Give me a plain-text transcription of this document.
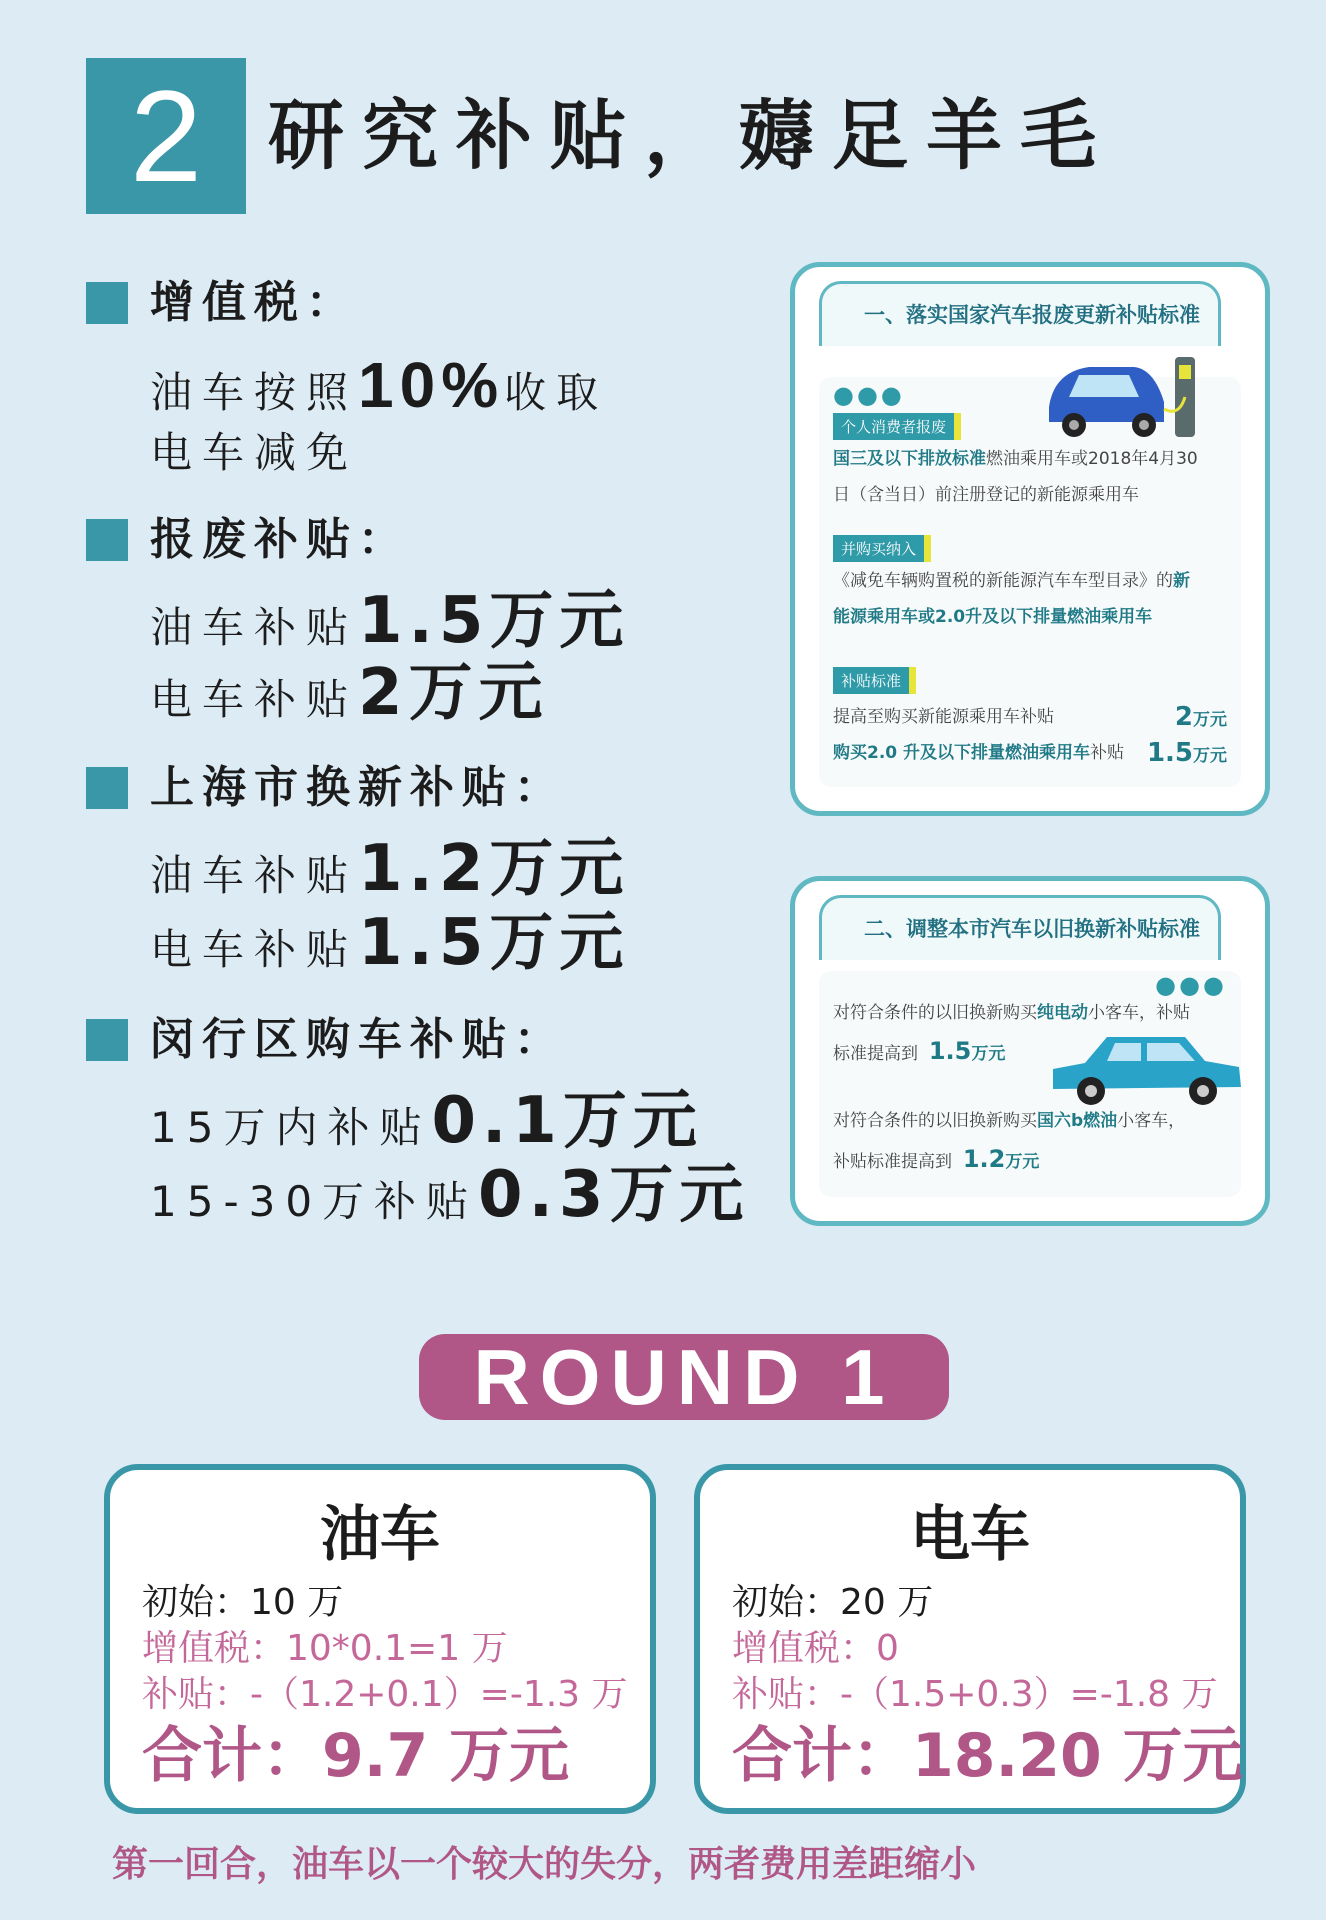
2 研究补贴，薅足羊毛
增值税：
油车按照10%收取
电车减免
报废补贴：
油车补贴1.5万元
电车补贴2万元
上海市换新补贴：
油车补贴1.2万元
电车补贴1.5万元
闵行区购车补贴：
15万内补贴0.1万元
15-30万补贴0.3万元
一、落实国家汽车报废更新补贴标准
●●●
个人消费者报废
国三及以下排放标准燃油乘用车或2018年4月30
日（含当日）前注册登记的新能源乘用车
并购买纳入
《减免车辆购置税的新能源汽车车型目录》的新
能源乘用车或2.0升及以下排量燃油乘用车
补贴标准
提高至购买新能源乘用车补贴	2万元
购买2.0 升及以下排量燃油乘用车补贴 1.5万元
二、调整本市汽车以旧换新补贴标准
●●●
对符合条件的以旧换新购买纯电动小客车，补贴
标准提高到 1.5万元
对符合条件的以旧换新购买国六b燃油小客车，
补贴标准提高到 1.2万元
ROUND 1
油车
初始：10 万
增值税：10*0.1=1 万
补贴：-（1.2+0.1）=-1.3 万
合计：9.7 万元
电车
初始：20 万
增值税：0
补贴：-（1.5+0.3）=-1.8 万
合计：18.20 万元
第一回合，油车以一个较大的失分，两者费用差距缩小
